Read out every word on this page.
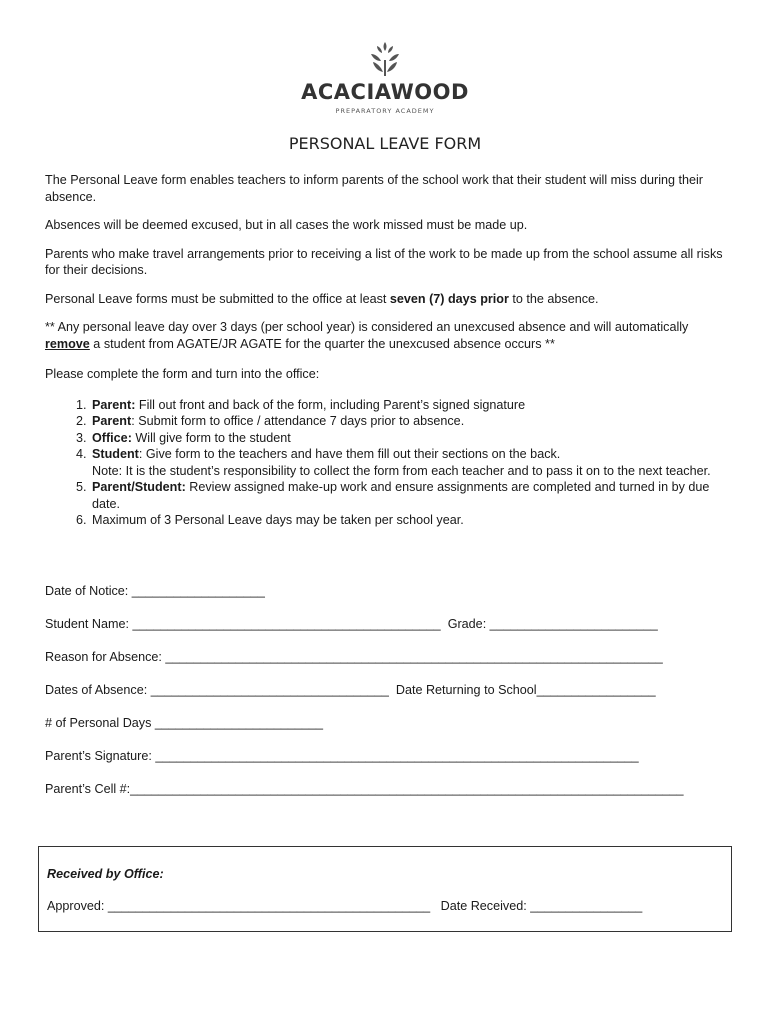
ACACIAWOOD
PREPARATORY ACADEMY
PERSONAL LEAVE FORM

The Personal Leave form enables teachers to inform parents of the school work that their student will miss during their absence.

Absences will be deemed excused, but in all cases the work missed must be made up.

Parents who make travel arrangements prior to receiving a list of the work to be made up from the school assume all risks for their decisions.

Personal Leave forms must be submitted to the office at least seven (7) days prior to the absence.

** Any personal leave day over 3 days (per school year) is considered an unexcused absence and will automatically remove a student from AGATE/JR AGATE for the quarter the unexcused absence occurs **

Please complete the form and turn into the office:

1. Parent: Fill out front and back of the form, including Parent’s signed signature
2. Parent: Submit form to office / attendance 7 days prior to absence.
3. Office: Will give form to the student
4. Student: Give form to the teachers and have them fill out their sections on the back.
Note: It is the student’s responsibility to collect the form from each teacher and to pass it on to the next teacher.
5. Parent/Student: Review assigned make-up work and ensure assignments are completed and turned in by due date.
6. Maximum of 3 Personal Leave days may be taken per school year.
Date of Notice: ___________________
Student Name: ____________________________________________ Grade: ________________________
Reason for Absence: _______________________________________________________________________
Dates of Absence: __________________________________ Date Returning to School_________________
# of Personal Days ________________________
Parent’s Signature: _____________________________________________________________________
Parent’s Cell #:_______________________________________________________________________________
Received by Office:
Approved: ______________________________________________ Date Received: ________________
